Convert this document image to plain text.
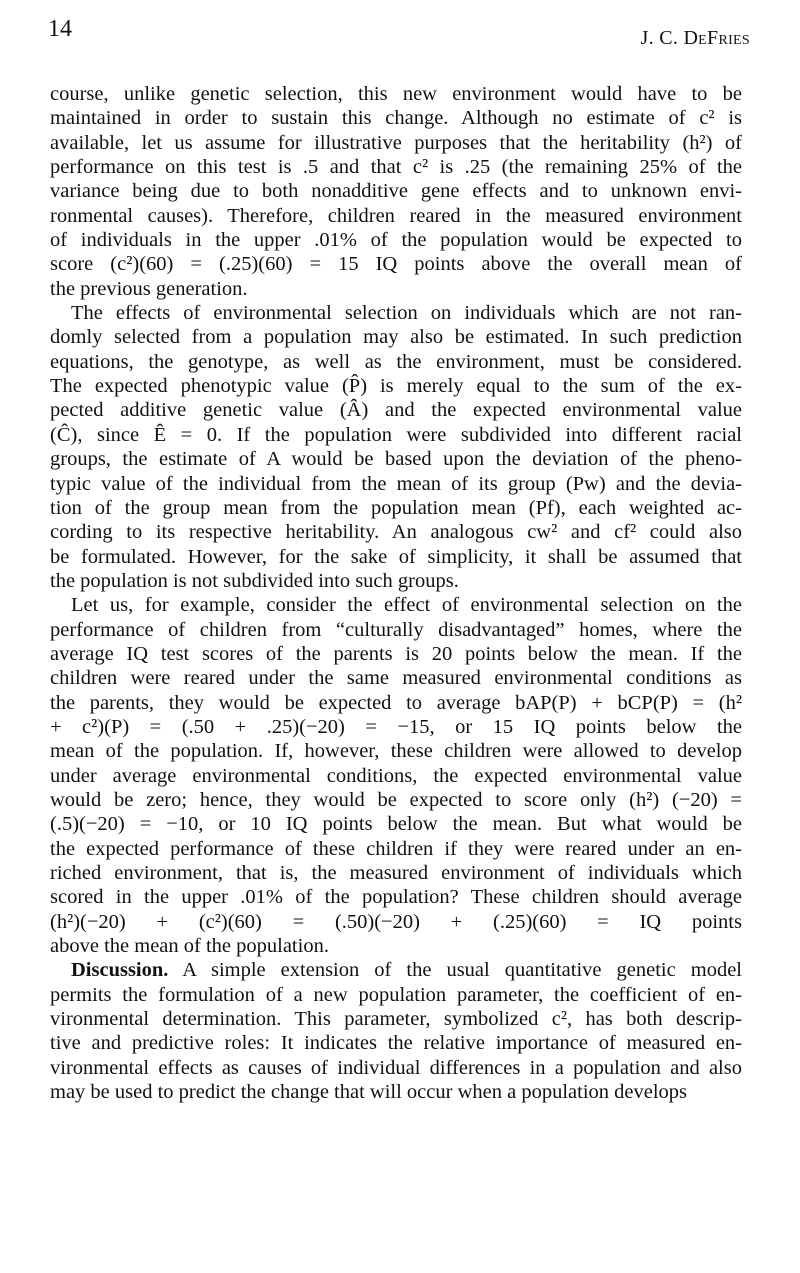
14	J. C. DeFries
course, unlike genetic selection, this new environment would have to be
maintained in order to sustain this change. Although no estimate of c² is
available, let us assume for illustrative purposes that the heritability (h²) of
performance on this test is .5 and that c² is .25 (the remaining 25% of the
variance being due to both nonadditive gene effects and to unknown envi-
ronmental causes). Therefore, children reared in the measured environment
of individuals in the upper .01% of the population would be expected to
score (c²)(60) = (.25)(60) = 15 IQ points above the overall mean of
the previous generation.
The effects of environmental selection on individuals which are not ran-
domly selected from a population may also be estimated. In such prediction
equations, the genotype, as well as the environment, must be considered.
The expected phenotypic value (P̂) is merely equal to the sum of the ex-
pected additive genetic value (Â) and the expected environmental value
(Ĉ), since Ê = 0. If the population were subdivided into different racial
groups, the estimate of A would be based upon the deviation of the pheno-
typic value of the individual from the mean of its group (Pw) and the devia-
tion of the group mean from the population mean (Pf), each weighted ac-
cording to its respective heritability. An analogous cw² and cf² could also
be formulated. However, for the sake of simplicity, it shall be assumed that
the population is not subdivided into such groups.
Let us, for example, consider the effect of environmental selection on the
performance of children from “culturally disadvantaged” homes, where the
average IQ test scores of the parents is 20 points below the mean. If the
children were reared under the same measured environmental conditions as
the parents, they would be expected to average bAP(P) + bCP(P) = (h²
+ c²)(P) = (.50 + .25)(−20) = −15, or 15 IQ points below the
mean of the population. If, however, these children were allowed to develop
under average environmental conditions, the expected environmental value
would be zero; hence, they would be expected to score only (h²) (−20) =
(.5)(−20) = −10, or 10 IQ points below the mean. But what would be
the expected performance of these children if they were reared under an en-
riched environment, that is, the measured environment of individuals which
scored in the upper .01% of the population? These children should average
(h²)(−20) + (c²)(60) = (.50)(−20) + (.25)(60) = IQ points
above the mean of the population.
Discussion. A simple extension of the usual quantitative genetic model
permits the formulation of a new population parameter, the coefficient of en-
vironmental determination. This parameter, symbolized c², has both descrip-
tive and predictive roles: It indicates the relative importance of measured en-
vironmental effects as causes of individual differences in a population and also
may be used to predict the change that will occur when a population develops
